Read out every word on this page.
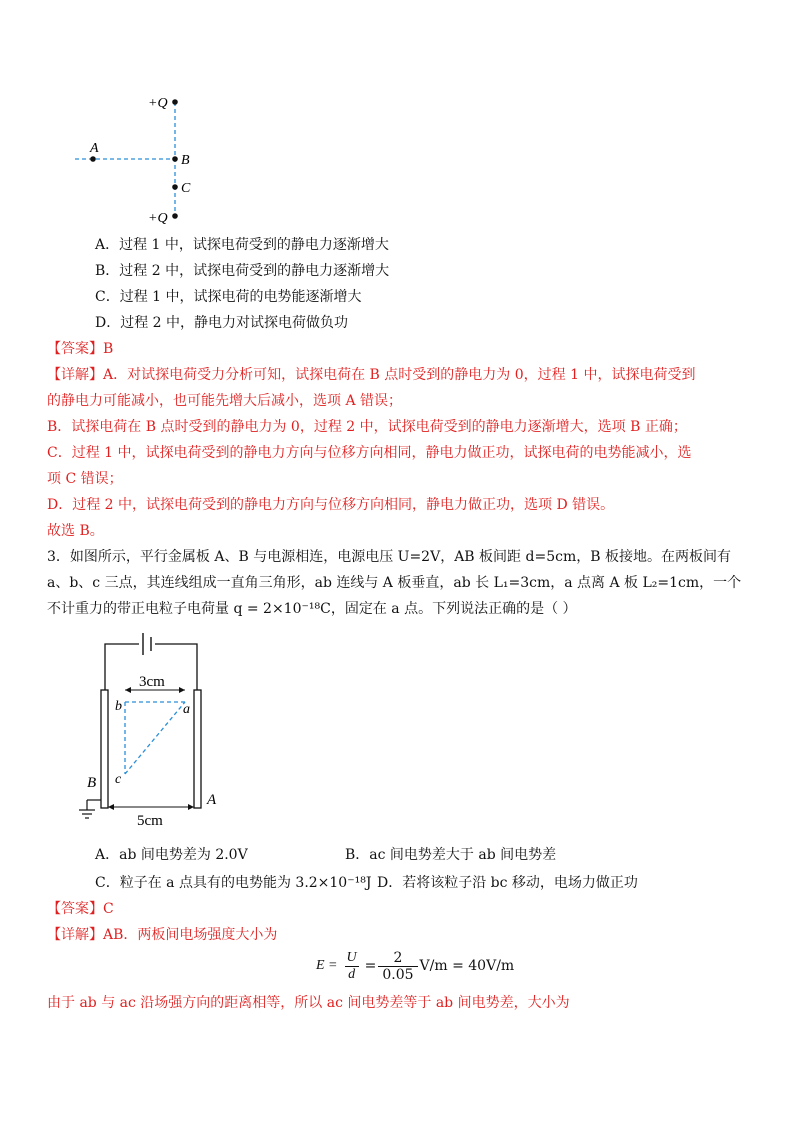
+Q
A
B
C
+Q
A．过程 1 中，试探电荷受到的静电力逐渐增大
B．过程 2 中，试探电荷受到的静电力逐渐增大
C．过程 1 中，试探电荷的电势能逐渐增大
D．过程 2 中，静电力对试探电荷做负功
【答案】B
【详解】A．对试探电荷受力分析可知，试探电荷在 B 点时受到的静电力为 0，过程 1 中，试探电荷受到
的静电力可能减小，也可能先增大后减小，选项 A 错误；
B．试探电荷在 B 点时受到的静电力为 0，过程 2 中，试探电荷受到的静电力逐渐增大，选项 B 正确；
C．过程 1 中，试探电荷受到的静电力方向与位移方向相同，静电力做正功，试探电荷的电势能减小，选
项 C 错误；
D．过程 2 中，试探电荷受到的静电力方向与位移方向相同，静电力做正功，选项 D 错误。
故选 B。
3．如图所示，平行金属板 A、B 与电源相连，电源电压 U=2V，AB 板间距 d=5cm，B 板接地。在两板间有
a、b、c 三点，其连线组成一直角三角形，ab 连线与 A 板垂直，ab 长 L₁=3cm，a 点离 A 板 L₂=1cm，一个
不计重力的带正电粒子电荷量 q = 2×10⁻¹⁸C，固定在 a 点。下列说法正确的是（ ）
3cm
b	a
c
B
A
5cm
A．ab 间电势差为 2.0V	B．ac 间电势差大于 ab 间电势差
C．粒子在 a 点具有的电势能为 3.2×10⁻¹⁸J D．若将该粒子沿 bc 移动，电场力做正功
【答案】C
【详解】AB．两板间电场强度大小为
$E = \frac{U}{d} = \frac{2}{0.05} V/m = 40V/m$
由于 ab 与 ac 沿场强方向的距离相等，所以 ac 间电势差等于 ab 间电势差，大小为
